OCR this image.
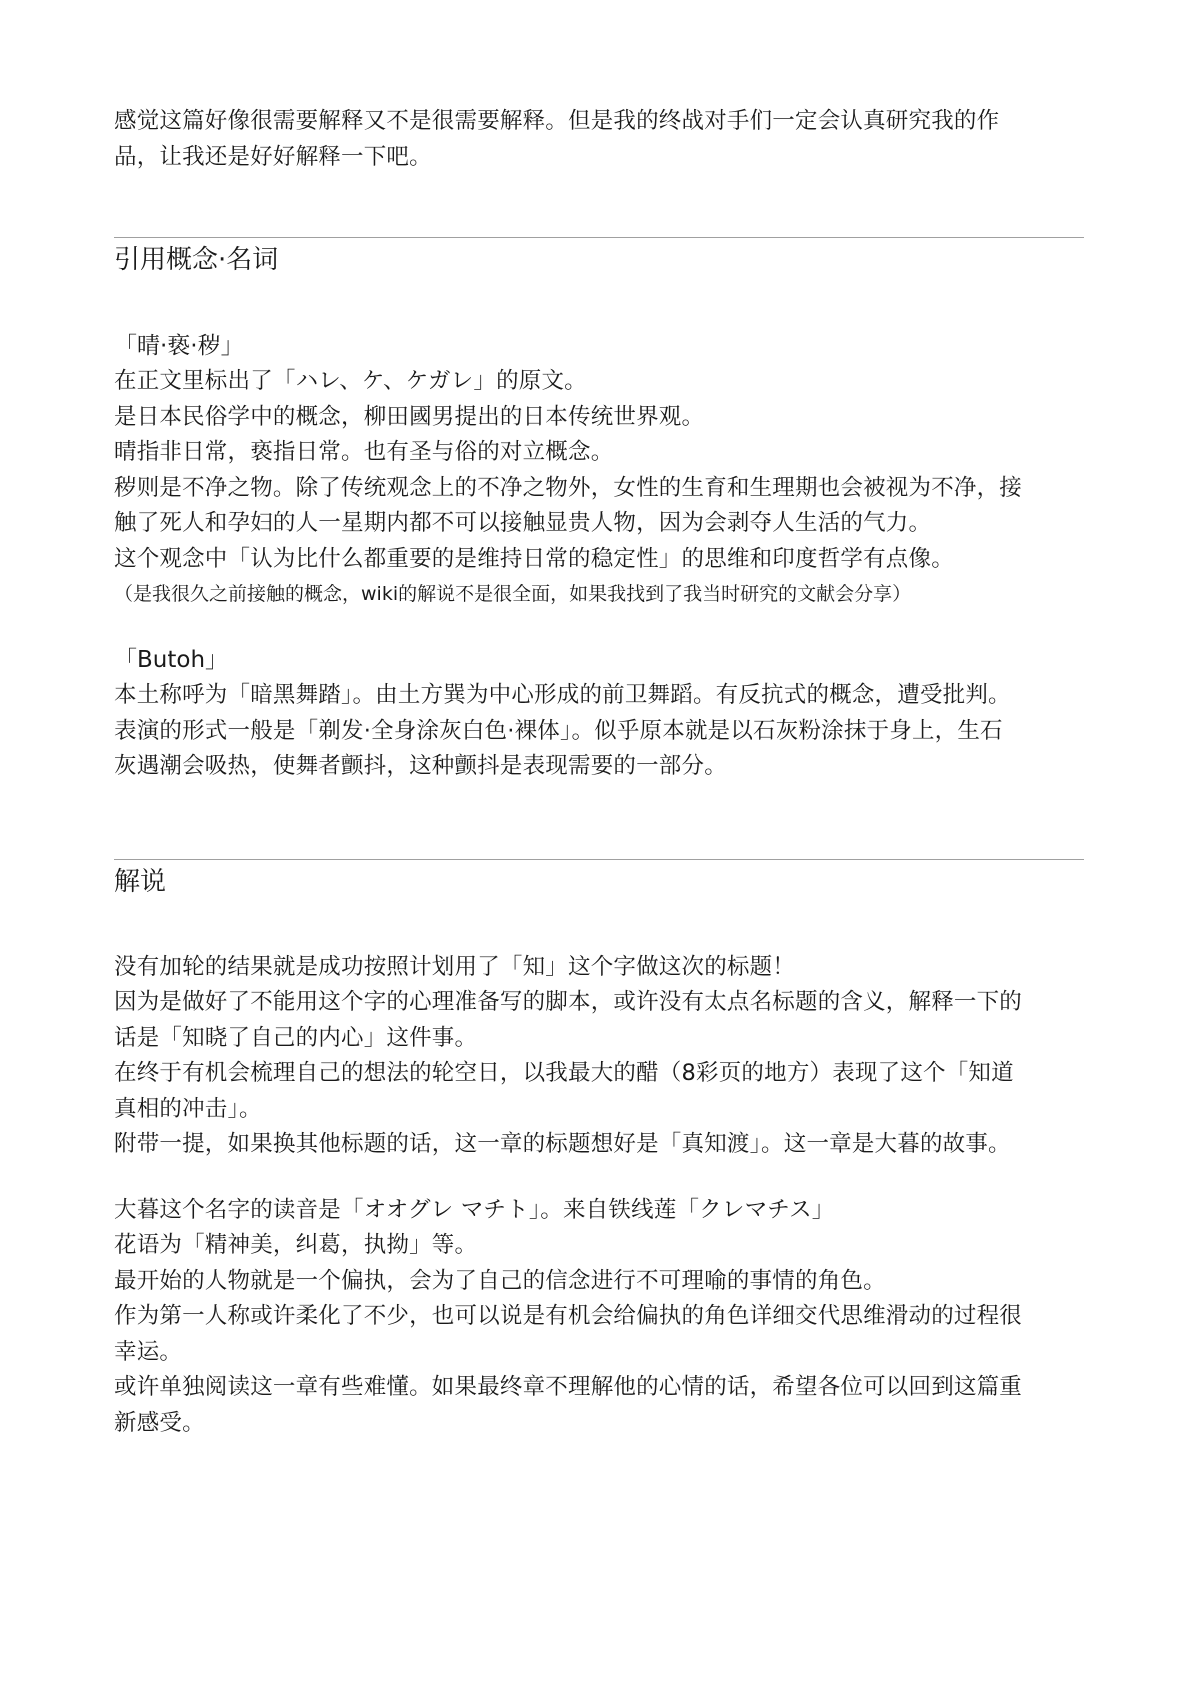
感觉这篇好像很需要解释又不是很需要解释。但是我的终战对手们一定会认真研究我的作

品，让我还是好好解释一下吧。

引用概念·名词
「晴·亵·秽」

在正文里标出了「ハレ、ケ、ケガレ」的原文。

是日本民俗学中的概念，柳田國男提出的日本传统世界观。

晴指非日常，亵指日常。也有圣与俗的对立概念。

秽则是不净之物。除了传统观念上的不净之物外，女性的生育和生理期也会被视为不净，接

触了死人和孕妇的人一星期内都不可以接触显贵人物，因为会剥夺人生活的气力。

这个观念中「认为比什么都重要的是维持日常的稳定性」的思维和印度哲学有点像。

（是我很久之前接触的概念，wiki的解说不是很全面，如果我找到了我当时研究的文献会分享）

「Butoh」

本土称呼为「暗黑舞踏」。由土方巽为中心形成的前卫舞蹈。有反抗式的概念，遭受批判。

表演的形式一般是「剃发·全身涂灰白色·裸体」。似乎原本就是以石灰粉涂抹于身上，生石

灰遇潮会吸热，使舞者颤抖，这种颤抖是表现需要的一部分。

解说

没有加轮的结果就是成功按照计划用了「知」这个字做这次的标题！

因为是做好了不能用这个字的心理准备写的脚本，或许没有太点名标题的含义，解释一下的

话是「知晓了自己的内心」这件事。

在终于有机会梳理自己的想法的轮空日，以我最大的醋（8彩页的地方）表现了这个「知道

真相的冲击」。

附带一提，如果换其他标题的话，这一章的标题想好是「真知渡」。这一章是大暮的故事。

大暮这个名字的读音是「オオグレ マチト」。来自铁线莲「クレマチス」

花语为「精神美，纠葛，执拗」等。

最开始的人物就是一个偏执，会为了自己的信念进行不可理喻的事情的角色。

作为第一人称或许柔化了不少，也可以说是有机会给偏执的角色详细交代思维滑动的过程很

幸运。

或许单独阅读这一章有些难懂。如果最终章不理解他的心情的话，希望各位可以回到这篇重

新感受。
